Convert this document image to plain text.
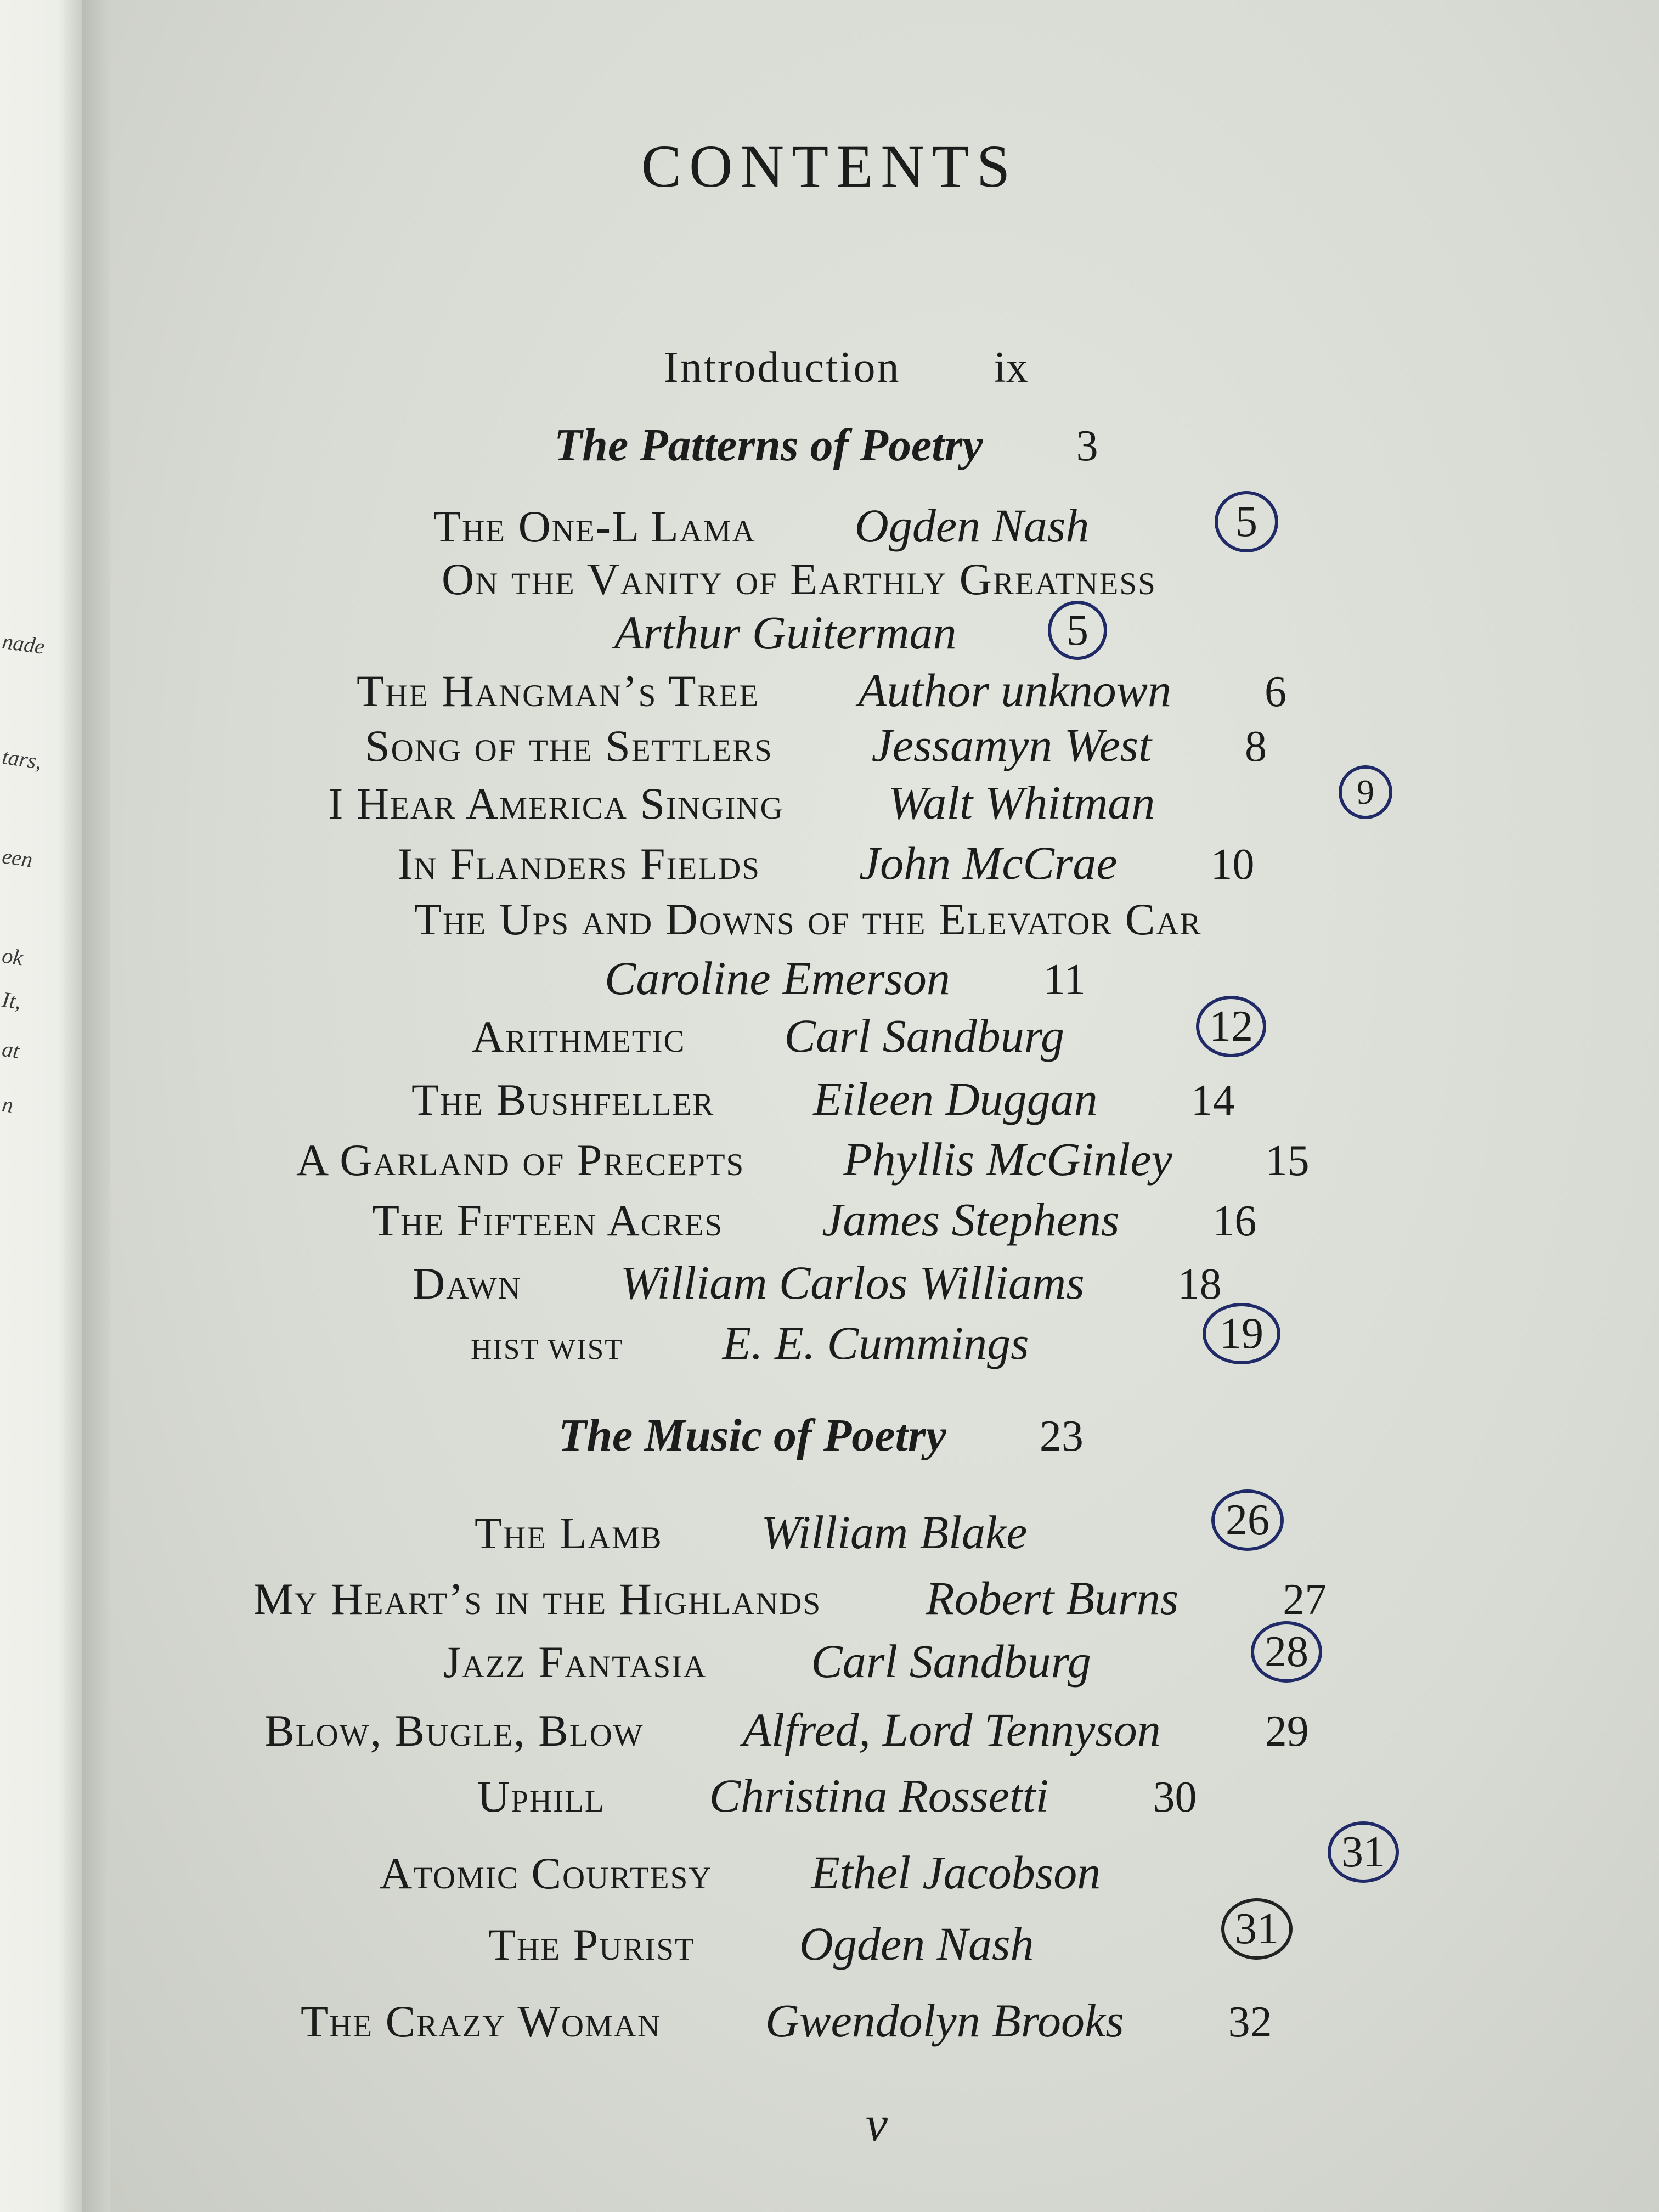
nade
tars,
een
ok
It,
at
n
CONTENTS
Introduction ix
The Patterns of Poetry 3
The One-L Lama Ogden Nash	5
On the Vanity of Earthly Greatness
Arthur Guiterman	5
The Hangman’s Tree Author unknown 6
Song of the Settlers Jessamyn West 8
I Hear America Singing Walt Whitman	9
In Flanders Fields John McCrae 10
The Ups and Downs of the Elevator Car
Caroline Emerson 11
Arithmetic Carl Sandburg	12
The Bushfeller Eileen Duggan 14
A Garland of Precepts Phyllis McGinley 15
The Fifteen Acres James Stephens 16
Dawn William Carlos Williams 18
hist wist E. E. Cummings	19
The Music of Poetry 23
The Lamb William Blake	26
My Heart’s in the Highlands Robert Burns 27
Jazz Fantasia Carl Sandburg	28
Blow, Bugle, Blow Alfred, Lord Tennyson 29
Uphill Christina Rossetti 30
Atomic Courtesy Ethel Jacobson	31
The Purist Ogden Nash	31
The Crazy Woman Gwendolyn Brooks 32
v
